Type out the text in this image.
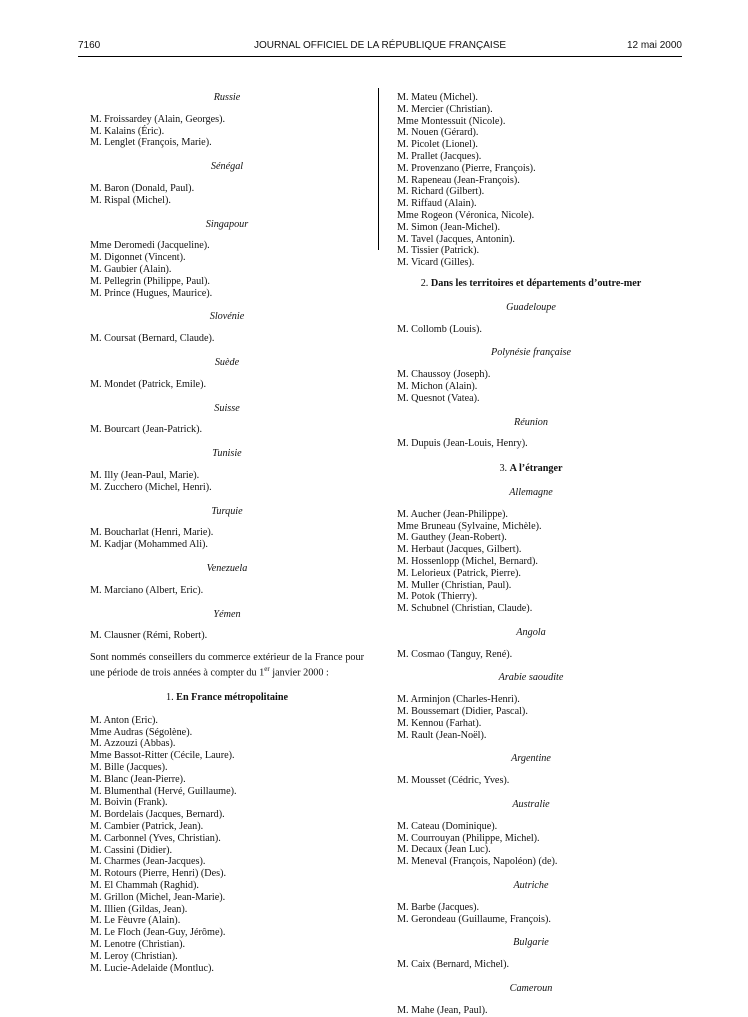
7160	JOURNAL OFFICIEL DE LA RÉPUBLIQUE FRANÇAISE	12 mai 2000
Russie
M. Froissardey (Alain, Georges).
M. Kalains (Éric).
M. Lenglet (François, Marie).
Sénégal
M. Baron (Donald, Paul).
M. Rispal (Michel).
Singapour
Mme Deromedi (Jacqueline).
M. Digonnet (Vincent).
M. Gaubier (Alain).
M. Pellegrin (Philippe, Paul).
M. Prince (Hugues, Maurice).
Slovénie
M. Coursat (Bernard, Claude).
Suède
M. Mondet (Patrick, Emile).
Suisse
M. Bourcart (Jean-Patrick).
Tunisie
M. Illy (Jean-Paul, Marie).
M. Zucchero (Michel, Henri).
Turquie
M. Boucharlat (Henri, Marie).
M. Kadjar (Mohammed Ali).
Venezuela
M. Marciano (Albert, Eric).
Yémen
M. Clausner (Rémi, Robert).
Sont nommés conseillers du commerce extérieur de la France pour une période de trois années à compter du 1er janvier 2000 :
1. En France métropolitaine
M. Anton (Eric).
Mme Audras (Ségolène).
M. Azzouzi (Abbas).
Mme Bassot-Ritter (Cécile, Laure).
M. Bille (Jacques).
M. Blanc (Jean-Pierre).
M. Blumenthal (Hervé, Guillaume).
M. Boivin (Frank).
M. Bordelais (Jacques, Bernard).
M. Cambier (Patrick, Jean).
M. Carbonnel (Yves, Christian).
M. Cassini (Didier).
M. Charmes (Jean-Jacques).
M. Rotours (Pierre, Henri) (Des).
M. El Chammah (Raghid).
M. Grillon (Michel, Jean-Marie).
M. Illien (Gildas, Jean).
M. Le Fèuvre (Alain).
M. Le Floch (Jean-Guy, Jérôme).
M. Lenotre (Christian).
M. Leroy (Christian).
M. Lucie-Adelaide (Montluc).
M. Mateu (Michel).
M. Mercier (Christian).
Mme Montessuit (Nicole).
M. Nouen (Gérard).
M. Picolet (Lionel).
M. Prallet (Jacques).
M. Provenzano (Pierre, François).
M. Rapeneau (Jean-François).
M. Richard (Gilbert).
M. Riffaud (Alain).
Mme Rogeon (Véronica, Nicole).
M. Simon (Jean-Michel).
M. Tavel (Jacques, Antonin).
M. Tissier (Patrick).
M. Vicard (Gilles).
2. Dans les territoires et départements d’outre-mer
Guadeloupe
M. Collomb (Louis).
Polynésie française
M. Chaussoy (Joseph).
M. Michon (Alain).
M. Quesnot (Vatea).
Réunion
M. Dupuis (Jean-Louis, Henry).
3. A l’étranger
Allemagne
M. Aucher (Jean-Philippe).
Mme Bruneau (Sylvaine, Michèle).
M. Gauthey (Jean-Robert).
M. Herbaut (Jacques, Gilbert).
M. Hossenlopp (Michel, Bernard).
M. Lelorieux (Patrick, Pierre).
M. Muller (Christian, Paul).
M. Potok (Thierry).
M. Schubnel (Christian, Claude).
Angola
M. Cosmao (Tanguy, René).
Arabie saoudite
M. Arminjon (Charles-Henri).
M. Boussemart (Didier, Pascal).
M. Kennou (Farhat).
M. Rault (Jean-Noël).
Argentine
M. Mousset (Cédric, Yves).
Australie
M. Cateau (Dominique).
M. Courrouyan (Philippe, Michel).
M. Decaux (Jean Luc).
M. Meneval (François, Napoléon) (de).
Autriche
M. Barbe (Jacques).
M. Gerondeau (Guillaume, François).
Bulgarie
M. Caix (Bernard, Michel).
Cameroun
M. Mahe (Jean, Paul).
